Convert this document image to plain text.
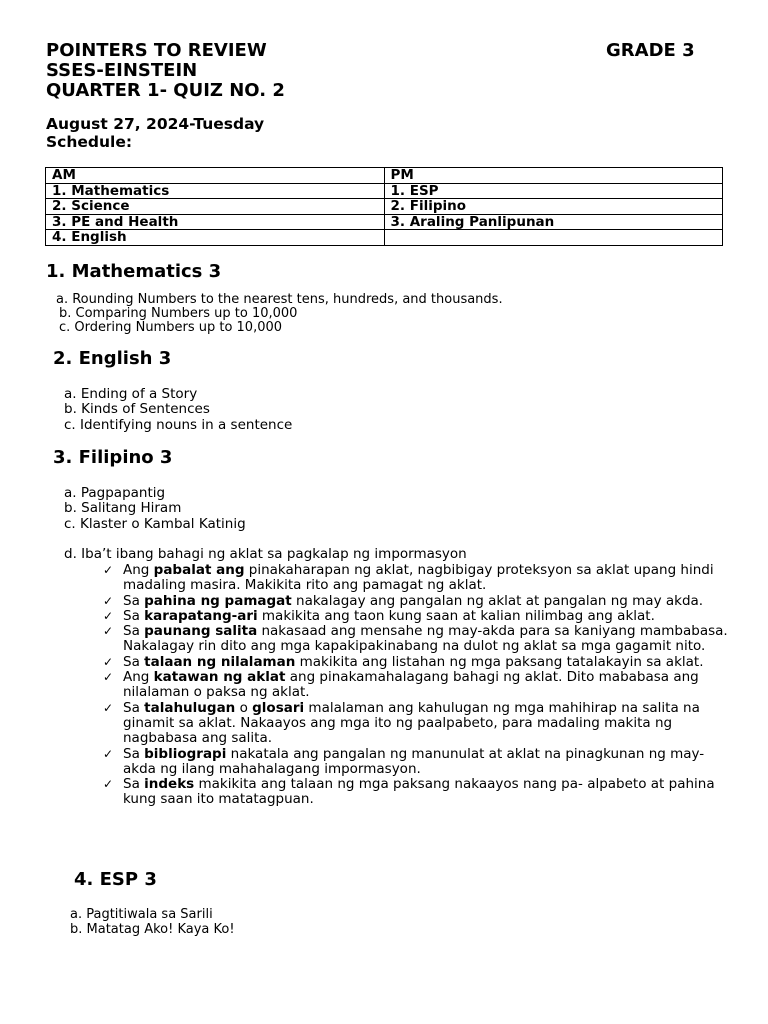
POINTERS TO REVIEW	GRADE 3
SSES-EINSTEIN
QUARTER 1- QUIZ NO. 2
August 27, 2024-Tuesday
Schedule:
AM	PM
1. Mathematics	1. ESP
2. Science	2. Filipino
3. PE and Health	3. Araling Panlipunan
4. English	
1. Mathematics 3
a. Rounding Numbers to the nearest tens, hundreds, and thousands.
b. Comparing Numbers up to 10,000
c. Ordering Numbers up to 10,000
2. English 3
a. Ending of a Story
b. Kinds of Sentences
c. Identifying nouns in a sentence
3. Filipino 3
a. Pagpapantig
b. Salitang Hiram
c. Klaster o Kambal Katinig
d. Iba’t ibang bahagi ng aklat sa pagkalap ng impormasyon
✓ Ang pabalat ang pinakaharapan ng aklat, nagbibigay proteksyon sa aklat upang hindi madaling masira. Makikita rito ang pamagat ng aklat.
✓ Sa pahina ng pamagat nakalagay ang pangalan ng aklat at pangalan ng may akda.
✓ Sa karapatang-ari makikita ang taon kung saan at kalian nilimbag ang aklat.
✓ Sa paunang salita nakasaad ang mensahe ng may-akda para sa kaniyang mambabasa. Nakalagay rin dito ang mga kapakipakinabang na dulot ng aklat sa mga gagamit nito.
✓ Sa talaan ng nilalaman makikita ang listahan ng mga paksang tatalakayin sa aklat.
✓ Ang katawan ng aklat ang pinakamahalagang bahagi ng aklat. Dito mababasa ang nilalaman o paksa ng aklat.
✓ Sa talahulugan o glosari malalaman ang kahulugan ng mga mahihirap na salita na ginamit sa aklat. Nakaayos ang mga ito ng paalpabeto, para madaling makita ng nagbabasa ang salita.
✓ Sa bibliograpi nakatala ang pangalan ng manunulat at aklat na pinagkunan ng may-akda ng ilang mahahalagang impormasyon.
✓ Sa indeks makikita ang talaan ng mga paksang nakaayos nang pa- alpabeto at pahina kung saan ito matatagpuan.
4. ESP 3
a. Pagtitiwala sa Sarili
b. Matatag Ako! Kaya Ko!
